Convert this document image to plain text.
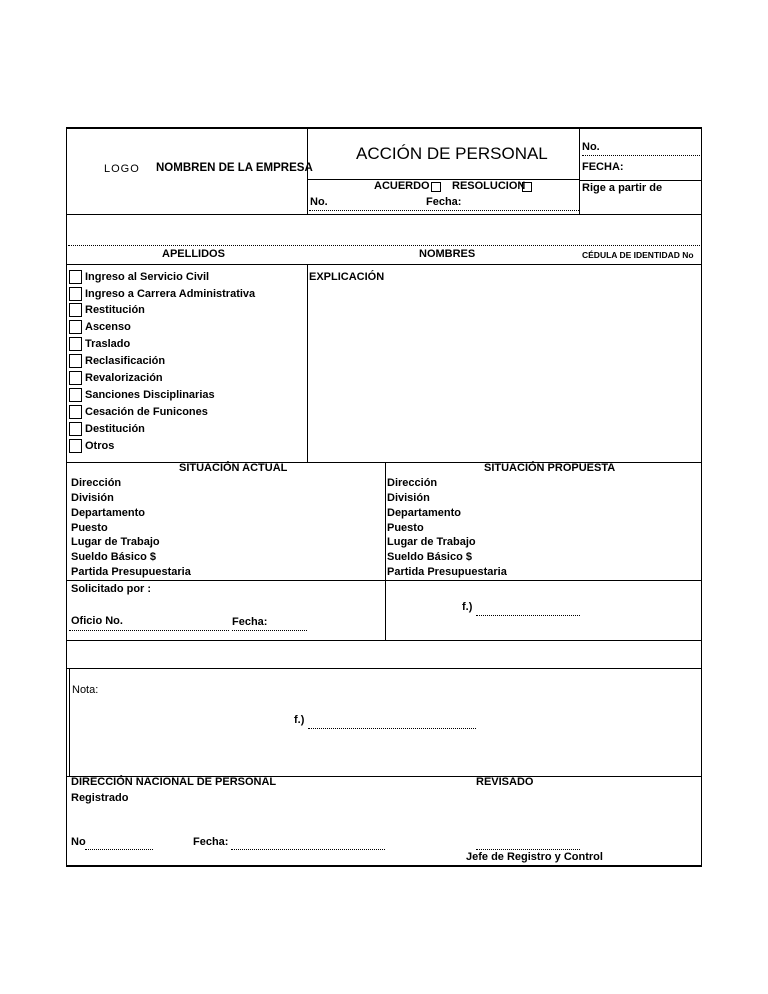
LOGO NOMBREN DE LA EMPRESA
ACCIÓN DE PERSONAL
ACUERDO RESOLUCION
No.	Fecha:
No.
FECHA:
Rige a partir de
APELLIDOS	NOMBRES	CÉDULA DE IDENTIDAD No
EXPLICACIÓN
Ingreso al Servicio Civil
Ingreso a Carrera Administrativa
Restitución
Ascenso
Traslado
Reclasificación
Revalorización
Sanciones Disciplinarias
Cesación de Funicones
Destitución
Otros
SITUACIÓN ACTUAL	SITUACIÓN PROPUESTA
Dirección
División
Departamento
Puesto
Lugar de Trabajo
Sueldo Básico $
Partida Presupuestaria
Dirección
División
Departamento
Puesto
Lugar de Trabajo
Sueldo Básico $
Partida Presupuestaria
Solicitado por :
Oficio No.	Fecha:
f.)
Nota:
f.)
DIRECCIÓN NACIONAL DE PERSONAL
Registrado
REVISADO
No	Fecha:
Jefe de Registro y Control
